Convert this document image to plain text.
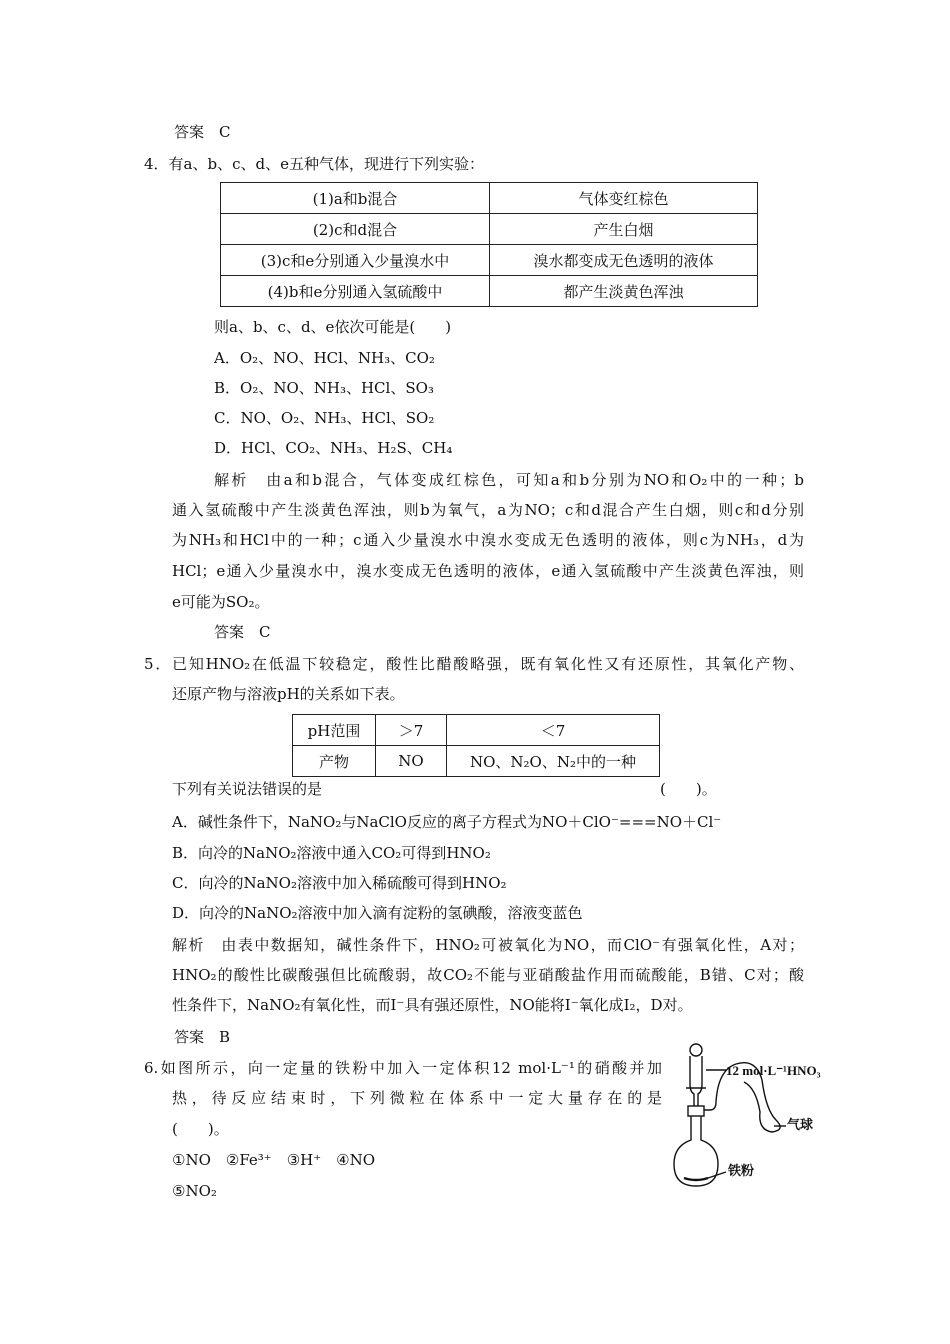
答案　C
4．有a、b、c、d、e五种气体，现进行下列实验：
(1)a和b混合	气体变红棕色
(2)c和d混合	产生白烟
(3)c和e分别通入少量溴水中	溴水都变成无色透明的液体
(4)b和e分别通入氢硫酸中	都产生淡黄色浑浊
则a、b、c、d、e依次可能是(　　)
A．O₂、NO、HCl、NH₃、CO₂
B．O₂、NO、NH₃、HCl、SO₃
C．NO、O₂、NH₃、HCl、SO₂
D．HCl、CO₂、NH₃、H₂S、CH₄
解析　由a和b混合，气体变成红棕色，可知a和b分别为NO和O₂中的一种；b
通入氢硫酸中产生淡黄色浑浊，则b为氧气，a为NO；c和d混合产生白烟，则c和d分别
为NH₃和HCl中的一种；c通入少量溴水中溴水变成无色透明的液体，则c为NH₃，d为
HCl；e通入少量溴水中，溴水变成无色透明的液体，e通入氢硫酸中产生淡黄色浑浊，则
e可能为SO₂。
答案　C
5．已知HNO₂在低温下较稳定，酸性比醋酸略强，既有氧化性又有还原性，其氧化产物、
还原产物与溶液pH的关系如下表。
pH范围	＞7	＜7
产物	NO	NO、N₂O、N₂中的一种
下列有关说法错误的是	(　　)。
A．碱性条件下，NaNO₂与NaClO反应的离子方程式为NO＋ClO⁻===NO＋Cl⁻
B．向冷的NaNO₂溶液中通入CO₂可得到HNO₂
C．向冷的NaNO₂溶液中加入稀硫酸可得到HNO₂
D．向冷的NaNO₂溶液中加入滴有淀粉的氢碘酸，溶液变蓝色
解析　由表中数据知，碱性条件下，HNO₂可被氧化为NO，而ClO⁻有强氧化性，A对；
HNO₂的酸性比碳酸强但比硫酸弱，故CO₂不能与亚硝酸盐作用而硫酸能，B错、C对；酸
性条件下，NaNO₂有氧化性，而I⁻具有强还原性，NO能将I⁻氧化成I₂，D对。
答案　B
6.如图所示，向一定量的铁粉中加入一定体积12 mol·L⁻¹的硝酸并加
热，待反应结束时，下列微粒在体系中一定大量存在的是
(　　)。
①NO　②Fe³⁺　③H⁺　④NO
⑤NO₂
12 mol·L⁻¹HNO₃
气球
铁粉
